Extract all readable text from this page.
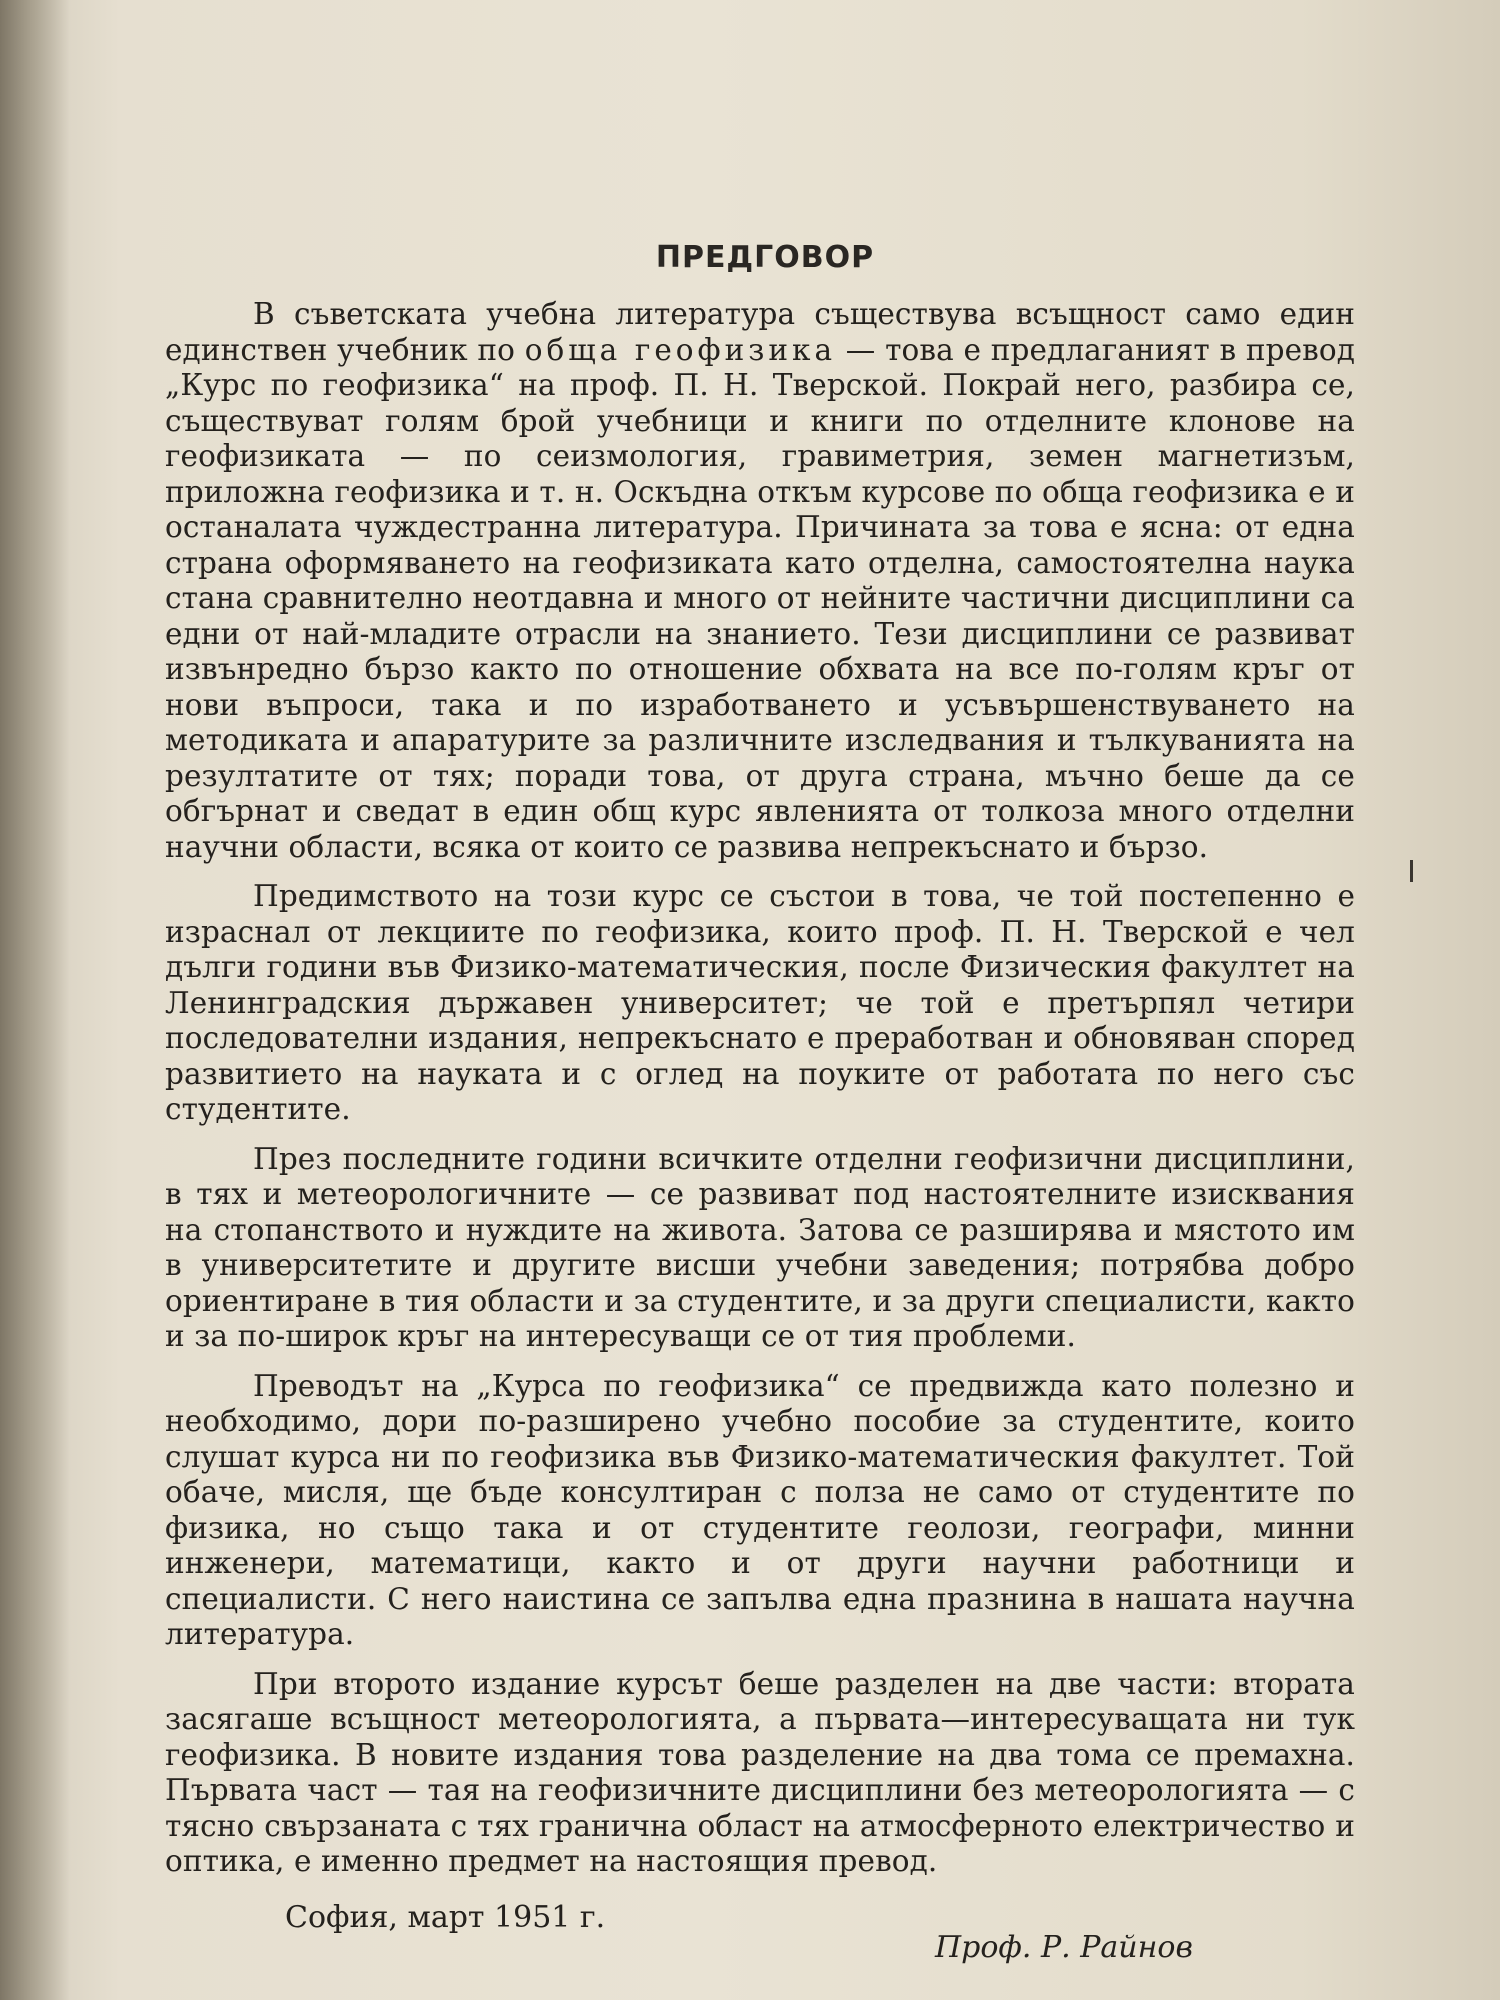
ПРЕДГОВОР

В съветската учебна литература съществува всъщност само един единствен учебник по обща геофизика — това е предлаганият в превод „Курс по геофизика“ на проф. П. Н. Тверской. Покрай него, разбира се, съществуват голям брой учебници и книги по отделните клонове на геофизиката — по сеизмология, гравиметрия, земен магнетизъм, приложна геофизика и т. н. Оскъдна откъм курсове по обща геофизика е и останалата чуждестранна литература. Причината за това е ясна: от една страна оформяването на геофизиката като отделна, самостоятелна наука стана сравнително неотдавна и много от нейните частични дисциплини са едни от най-младите отрасли на знанието. Тези дисциплини се развиват извънредно бързо както по отношение обхвата на все по-голям кръг от нови въпроси, така и по изработването и усъвършенствуването на методиката и апаратурите за различните изследвания и тълкуванията на резултатите от тях; поради това, от друга страна, мъчно беше да се обгърнат и сведат в един общ курс явленията от толкоза много отделни научни области, всяка от които се развива непрекъснато и бързо.

Предимството на този курс се състои в това, че той постепенно е израснал от лекциите по геофизика, които проф. П. Н. Тверской е чел дълги години във Физико-математическия, после Физическия факултет на Ленинградския държавен университет; че той е претърпял четири последователни издания, непрекъснато е преработван и обновяван според развитието на науката и с оглед на поуките от работата по него със студентите.

През последните години всичките отделни геофизични дисциплини, в тях и метеорологичните — се развиват под настоятелните изисквания на стопанството и нуждите на живота. Затова се разширява и мястото им в университетите и другите висши учебни заведения; потрябва добро ориентиране в тия области и за студентите, и за други специалисти, както и за по-широк кръг на интересуващи се от тия проблеми.

Преводът на „Курса по геофизика“ се предвижда като полезно и необходимо, дори по-разширено учебно пособие за студентите, които слушат курса ни по геофизика във Физико-математическия факултет. Той обаче, мисля, ще бъде консултиран с полза не само от студентите по физика, но също така и от студентите геолози, географи, минни инженери, математици, както и от други научни работници и специалисти. С него наистина се запълва една празнина в нашата научна литература.

При второто издание курсът беше разделен на две части: втората засягаше всъщност метеорологията, а първата—интересуващата ни тук геофизика. В новите издания това разделение на два тома се премахна. Първата част — тая на геофизичните дисциплини без метеорологията — с тясно свързаната с тях гранична област на атмосферното електричество и оптика, е именно предмет на настоящия превод.

София, март 1951 г.
Проф. Р. Райнов
